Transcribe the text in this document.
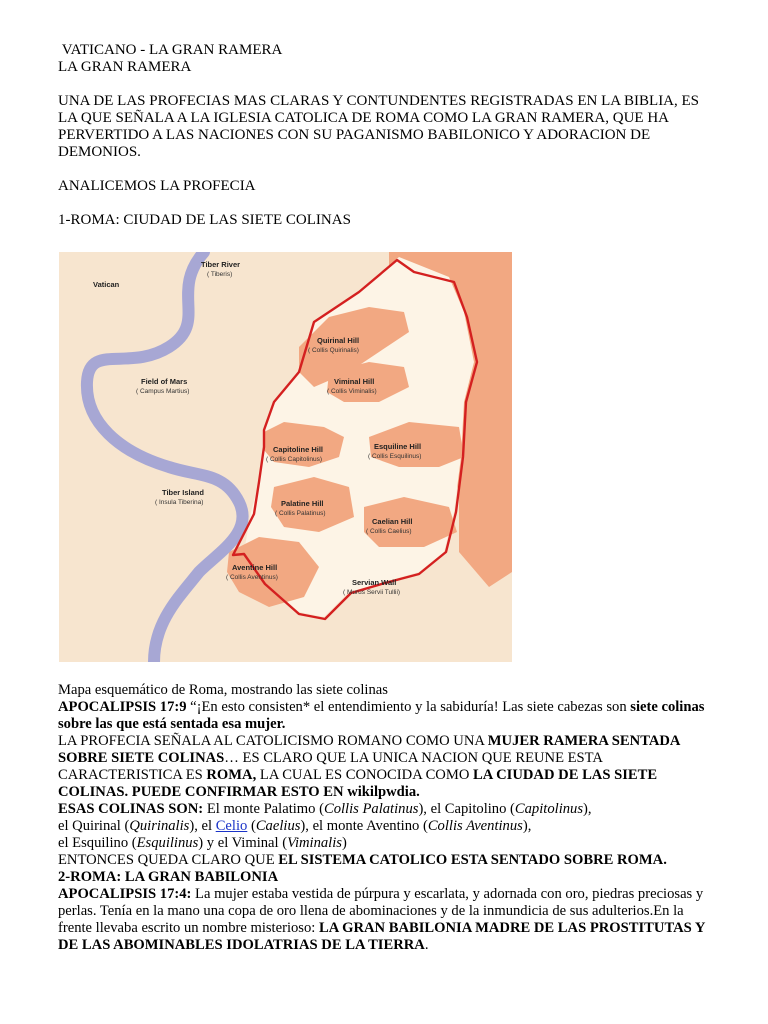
VATICANO - LA GRAN RAMERA
LA GRAN RAMERA
UNA DE LAS PROFECIAS MAS CLARAS Y CONTUNDENTES REGISTRADAS EN LA BIBLIA, ES LA QUE SEÑALA A LA IGLESIA CATOLICA DE ROMA COMO LA GRAN RAMERA, QUE HA PERVERTIDO A LAS NACIONES CON SU PAGANISMO BABILONICO Y ADORACION DE DEMONIOS.
ANALICEMOS LA PROFECIA
1-ROMA: CIUDAD DE LAS SIETE COLINAS
Tiber River
Vatican
Field of Mars
Quirinal Hill
Viminal Hill
Capitoline Hill	Esquiline Hill
Tiber Island
Palatine Hill
Caelian Hill
Aventine Hill
Servian Wall
( Tiberis)
( Campus Martius)
( Collis Quirinalis)
( Collis Viminalis)
( Collis Capitolinus)	( Collis Esquilinus)
( Insula Tiberina)
( Collis Palatinus)
( Collis Caelius)
( Collis Aventinus)
( Murus Servii Tullii)

Mapa esquemático de Roma, mostrando las siete colinas

APOCALIPSIS 17:9 “¡En esto consisten* el entendimiento y la sabiduría! Las siete cabezas son siete colinas sobre las que está sentada esa mujer.

LA PROFECIA SEÑALA AL CATOLICISMO ROMANO COMO UNA MUJER RAMERA SENTADA SOBRE SIETE COLINAS… ES CLARO QUE LA UNICA NACION QUE REUNE ESTA CARACTERISTICA ES ROMA, LA CUAL ES CONOCIDA COMO LA CIUDAD DE LAS SIETE COLINAS. PUEDE CONFIRMAR ESTO EN wikilpwdia.

ESAS COLINAS SON: El monte Palatimo (Collis Palatinus), el Capitolino (Capitolinus),

el Quirinal (Quirinalis), el Celio (Caelius), el monte Aventino (Collis Aventinus),

el Esquilino (Esquilinus) y el Viminal (Viminalis)

ENTONCES QUEDA CLARO QUE EL SISTEMA CATOLICO ESTA SENTADO SOBRE ROMA.

2-ROMA: LA GRAN BABILONIA

APOCALIPSIS 17:4: La mujer estaba vestida de púrpura y escarlata, y adornada con oro, piedras preciosas y perlas. Tenía en la mano una copa de oro llena de abominaciones y de la inmundicia de sus adulterios.En la frente llevaba escrito un nombre misterioso: LA GRAN BABILONIA MADRE DE LAS PROSTITUTAS Y DE LAS ABOMINABLES IDOLATRIAS DE LA TIERRA.
